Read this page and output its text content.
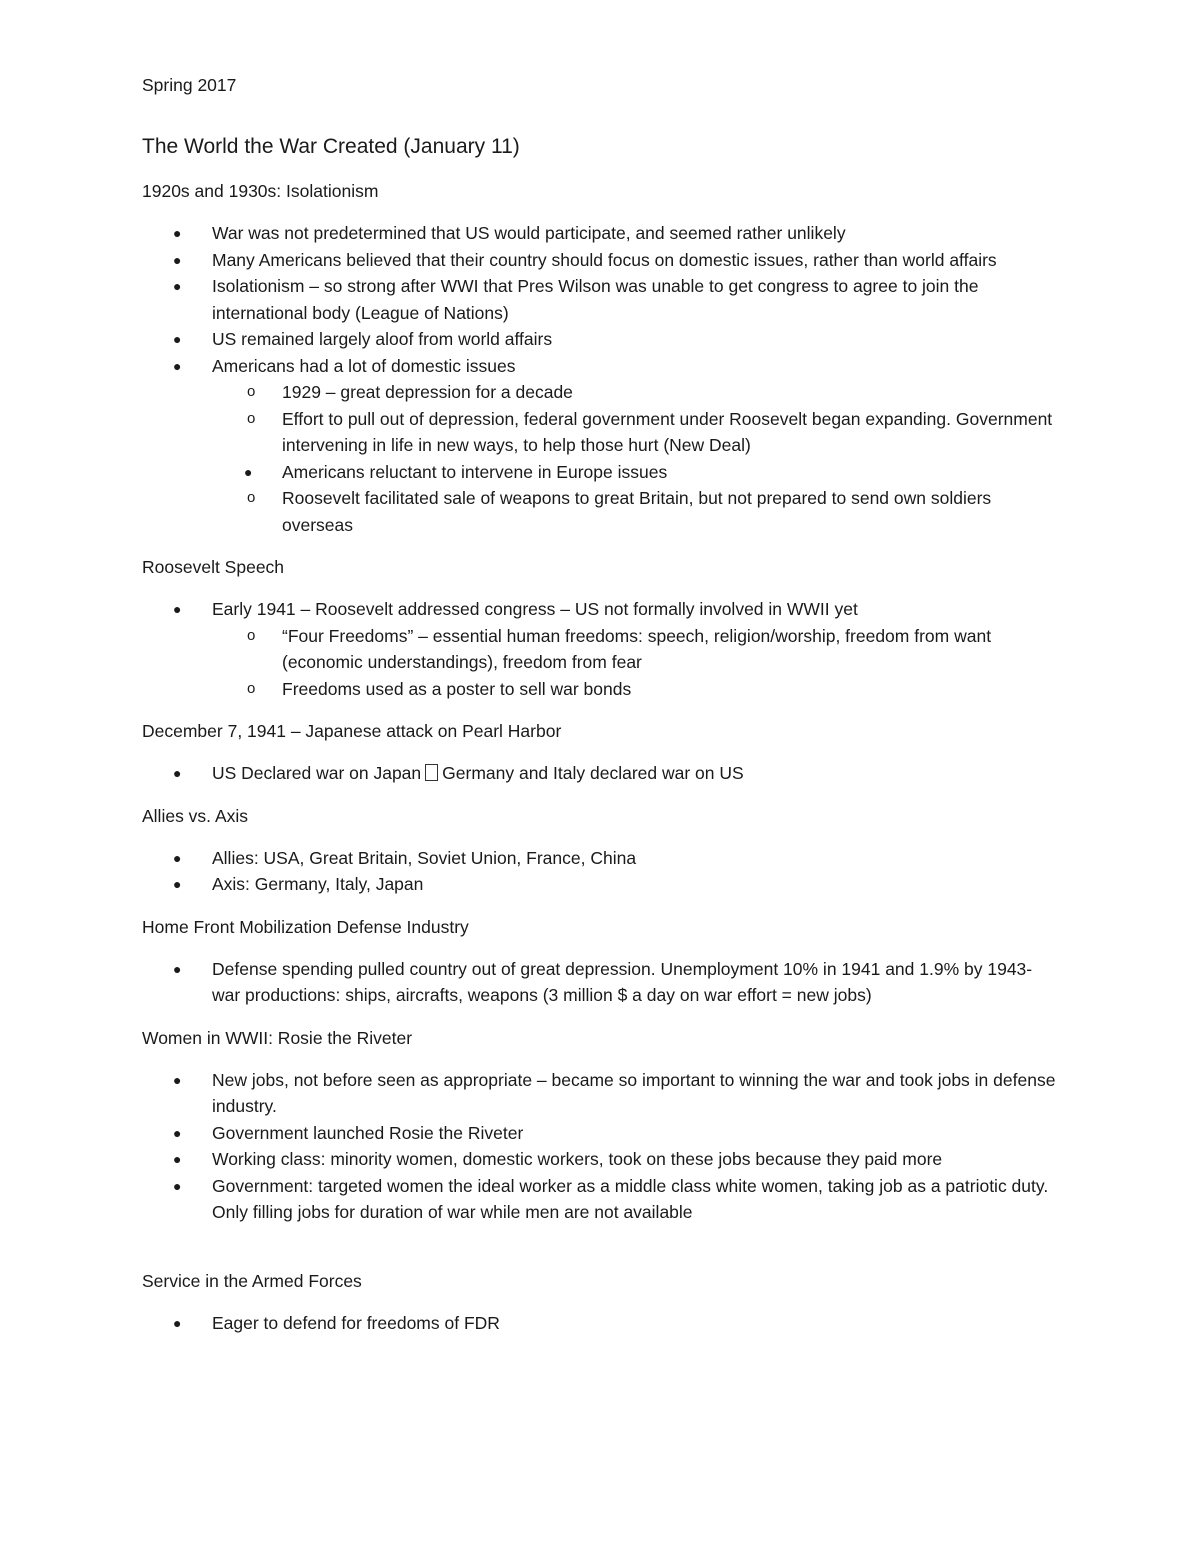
Spring 2017
The World the War Created (January 11)
1920s and 1930s: Isolationism
● War was not predetermined that US would participate, and seemed rather unlikely
● Many Americans believed that their country should focus on domestic issues, rather than world affairs
● Isolationism – so strong after WWI that Pres Wilson was unable to get congress to agree to join the international body (League of Nations)
● US remained largely aloof from world affairs
● Americans had a lot of domestic issues
o 1929 – great depression for a decade
o Effort to pull out of depression, federal government under Roosevelt began expanding. Government intervening in life in new ways, to help those hurt (New Deal)
● Americans reluctant to intervene in Europe issues
o Roosevelt facilitated sale of weapons to great Britain, but not prepared to send own soldiers overseas
Roosevelt Speech
● Early 1941 – Roosevelt addressed congress – US not formally involved in WWII yet
o “Four Freedoms” – essential human freedoms: speech, religion/worship, freedom from want (economic understandings), freedom from fear
o Freedoms used as a poster to sell war bonds
December 7, 1941 – Japanese attack on Pearl Harbor
● US Declared war on Japan Germany and Italy declared war on US
Allies vs. Axis
● Allies: USA, Great Britain, Soviet Union, France, China
● Axis: Germany, Italy, Japan
Home Front Mobilization Defense Industry
● Defense spending pulled country out of great depression. Unemployment 10% in 1941 and 1.9% by 1943- war productions: ships, aircrafts, weapons (3 million $ a day on war effort = new jobs)
Women in WWII: Rosie the Riveter
● New jobs, not before seen as appropriate – became so important to winning the war and took jobs in defense industry.
● Government launched Rosie the Riveter
● Working class: minority women, domestic workers, took on these jobs because they paid more
● Government: targeted women the ideal worker as a middle class white women, taking job as a patriotic duty. Only filling jobs for duration of war while men are not available
Service in the Armed Forces
● Eager to defend for freedoms of FDR
